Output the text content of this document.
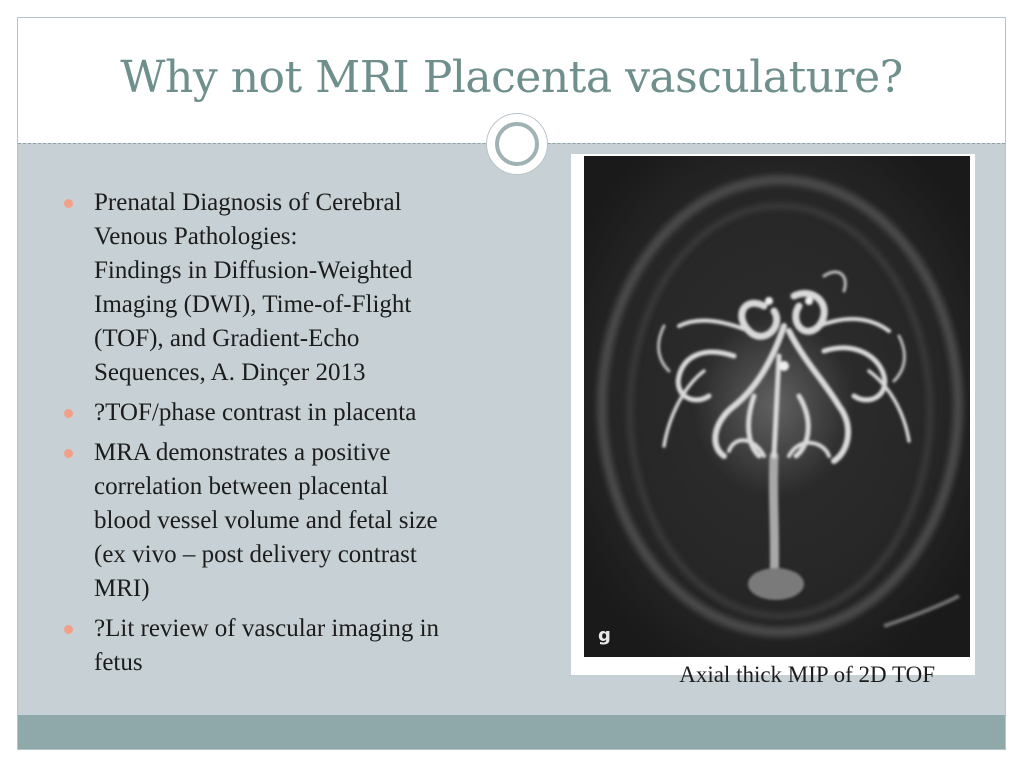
Why not MRI Placenta vasculature?
Prenatal Diagnosis of Cerebral
Venous Pathologies:
Findings in Diffusion-Weighted
Imaging (DWI), Time-of-Flight
(TOF), and Gradient-Echo
Sequences, A. Dinçer 2013
?TOF/phase contrast in placenta
MRA demonstrates a positive
correlation between placental
blood vessel volume and fetal size
(ex vivo – post delivery contrast
MRI)
?Lit review of vascular imaging in
fetus
g
Axial thick MIP of 2D TOF
